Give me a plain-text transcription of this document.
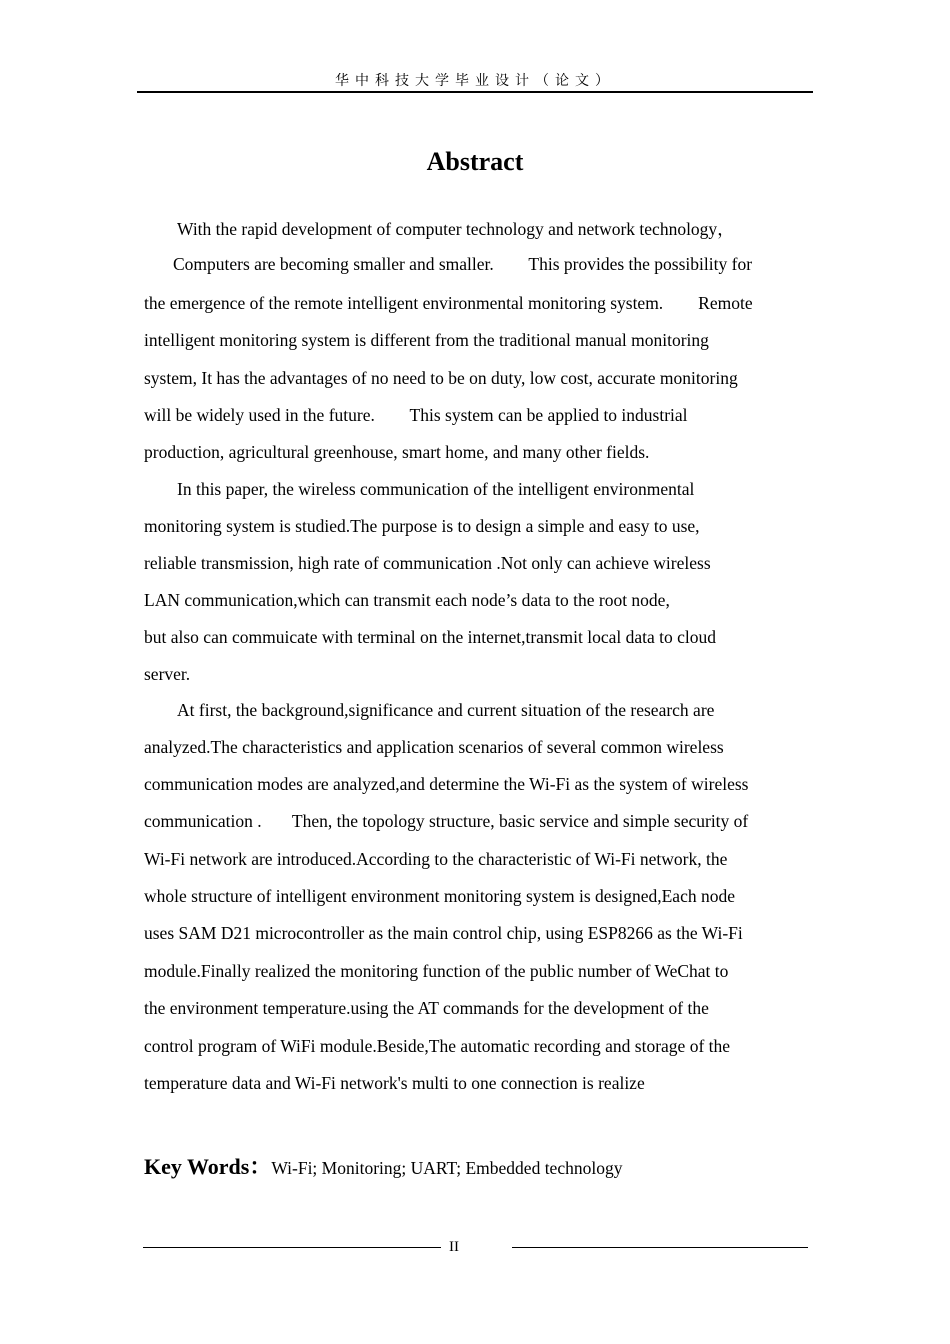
华中科技大学毕业设计（论文）
Abstract
With the rapid development of computer technology and network technology，
Computers are becoming smaller and smaller.        This provides the possibility for
the emergence of the remote intelligent environmental monitoring system.        Remote
intelligent monitoring system is different from the traditional manual monitoring
system, It has the advantages of no need to be on duty, low cost, accurate monitoring
will be widely used in the future.        This system can be applied to industrial
production, agricultural greenhouse, smart home, and many other fields.
In this paper, the wireless communication of the intelligent environmental
monitoring system is studied.The purpose is to design a simple and easy to use,
reliable transmission, high rate of communication .Not only can achieve wireless
LAN communication,which can transmit each node’s data to the root node,
but also can commuicate with terminal on the internet,transmit local data to cloud
server.
At first, the background,significance and current situation of the research are
analyzed.The characteristics and application scenarios of several common wireless
communication modes are analyzed,and determine the Wi-Fi as the system of wireless
communication .       Then, the topology structure, basic service and simple security of
Wi-Fi network are introduced.According to the characteristic of Wi-Fi network, the
whole structure of intelligent environment monitoring system is designed,Each node
uses SAM D21 microcontroller as the main control chip, using ESP8266 as the Wi-Fi
module.Finally realized the monitoring function of the public number of WeChat to
the environment temperature.using the AT commands for the development of the
control program of WiFi module.Beside,The automatic recording and storage of the
temperature data and Wi-Fi network's multi to one connection is realize
Key Words：Wi-Fi; Monitoring; UART; Embedded technology
II
